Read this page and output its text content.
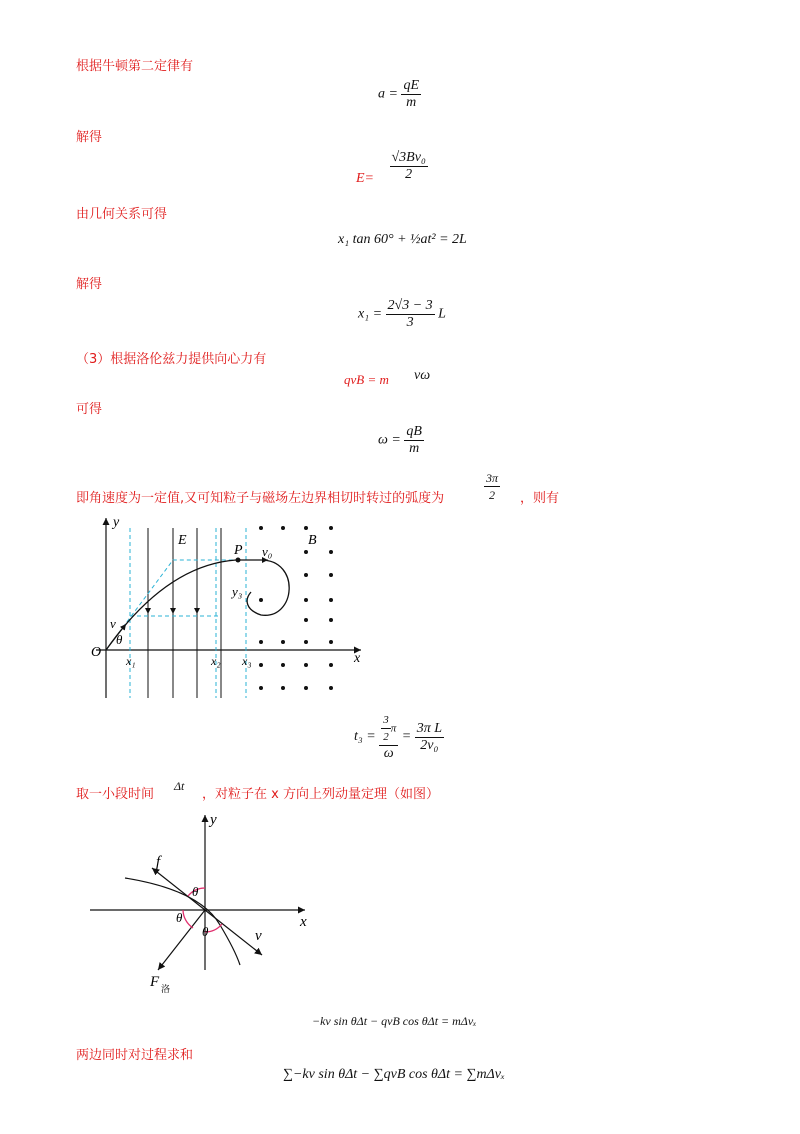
根据牛顿第二定律有
解得
由几何关系可得
解得
（3）根据洛伦兹力提供向心力有
可得
即角速度为一定值,又可知粒子与磁场左边界相切时转过的弧度为	，则有
取一小段时间	，对粒子在 x 方向上列动量定理（如图）
两边同时对过程求和
$a = \frac{qE}{m}$
$E= \frac{\text{√3Bv₀}}{2}$
x₁ tan 60° + ½at² = 2L
$x_1 = \frac{2√3 - 3}{3}$ L
qvB = m vω
$\omega = \frac{qB}{m}$
$\frac{3\pi}{2}$
y
x
O
E	B
P v₀
v
θ
y₃
x₁	x₂ x₃
$t_3 = \frac{\frac{3}{2} \pi}{\omega} = \frac{\text{3π L}}{\text{2v₀}}$
Δt
y
x
f
v
F 洛
θ
θ
θ
−kv sin θΔt − qvB cos θΔt = mΔvₓ
∑−kv sin θΔt − ∑qvB cos θΔt = ∑mΔvₓ
